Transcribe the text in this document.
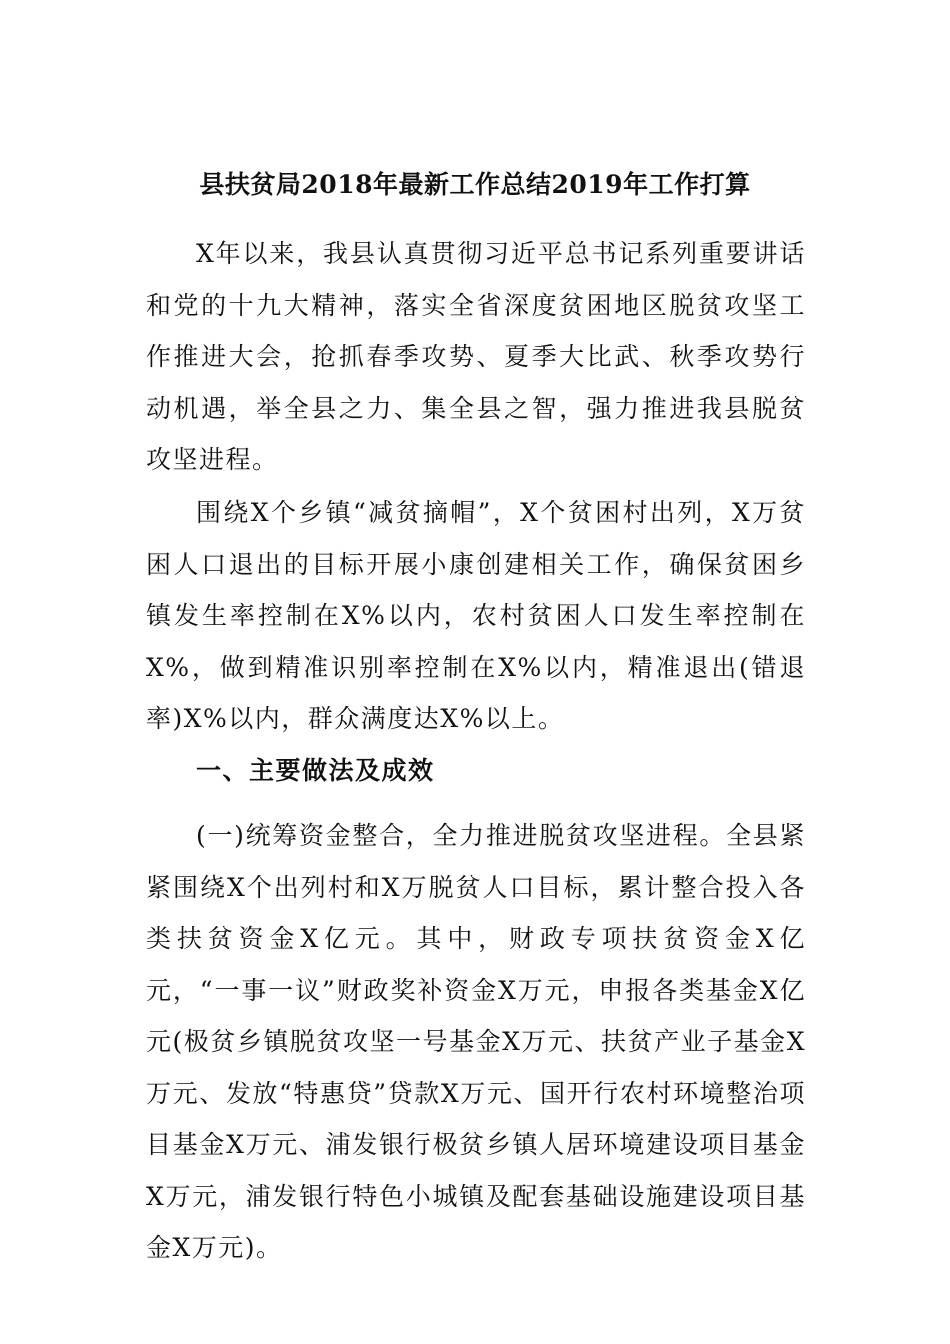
县扶贫局2018年最新工作总结2019年工作打算

X年以来，我县认真贯彻习近平总书记系列重要讲话和党的十九大精神，落实全省深度贫困地区脱贫攻坚工作推进大会，抢抓春季攻势、夏季大比武、秋季攻势行动机遇，举全县之力、集全县之智，强力推进我县脱贫攻坚进程。

围绕X个乡镇“减贫摘帽”，X个贫困村出列，X万贫困人口退出的目标开展小康创建相关工作，确保贫困乡镇发生率控制在X%以内，农村贫困人口发生率控制在X%，做到精准识别率控制在X%以内，精准退出(错退率)X%以内，群众满度达X%以上。

一、主要做法及成效

(一)统筹资金整合，全力推进脱贫攻坚进程。全县紧紧围绕X个出列村和X万脱贫人口目标，累计整合投入各类扶贫资金X亿元。其中，财政专项扶贫资金X亿元，“一事一议”财政奖补资金X万元，申报各类基金X亿元(极贫乡镇脱贫攻坚一号基金X万元、扶贫产业子基金X万元、发放“特惠贷”贷款X万元、国开行农村环境整治项目基金X万元、浦发银行极贫乡镇人居环境建设项目基金X万元，浦发银行特色小城镇及配套基础设施建设项目基金X万元)。
